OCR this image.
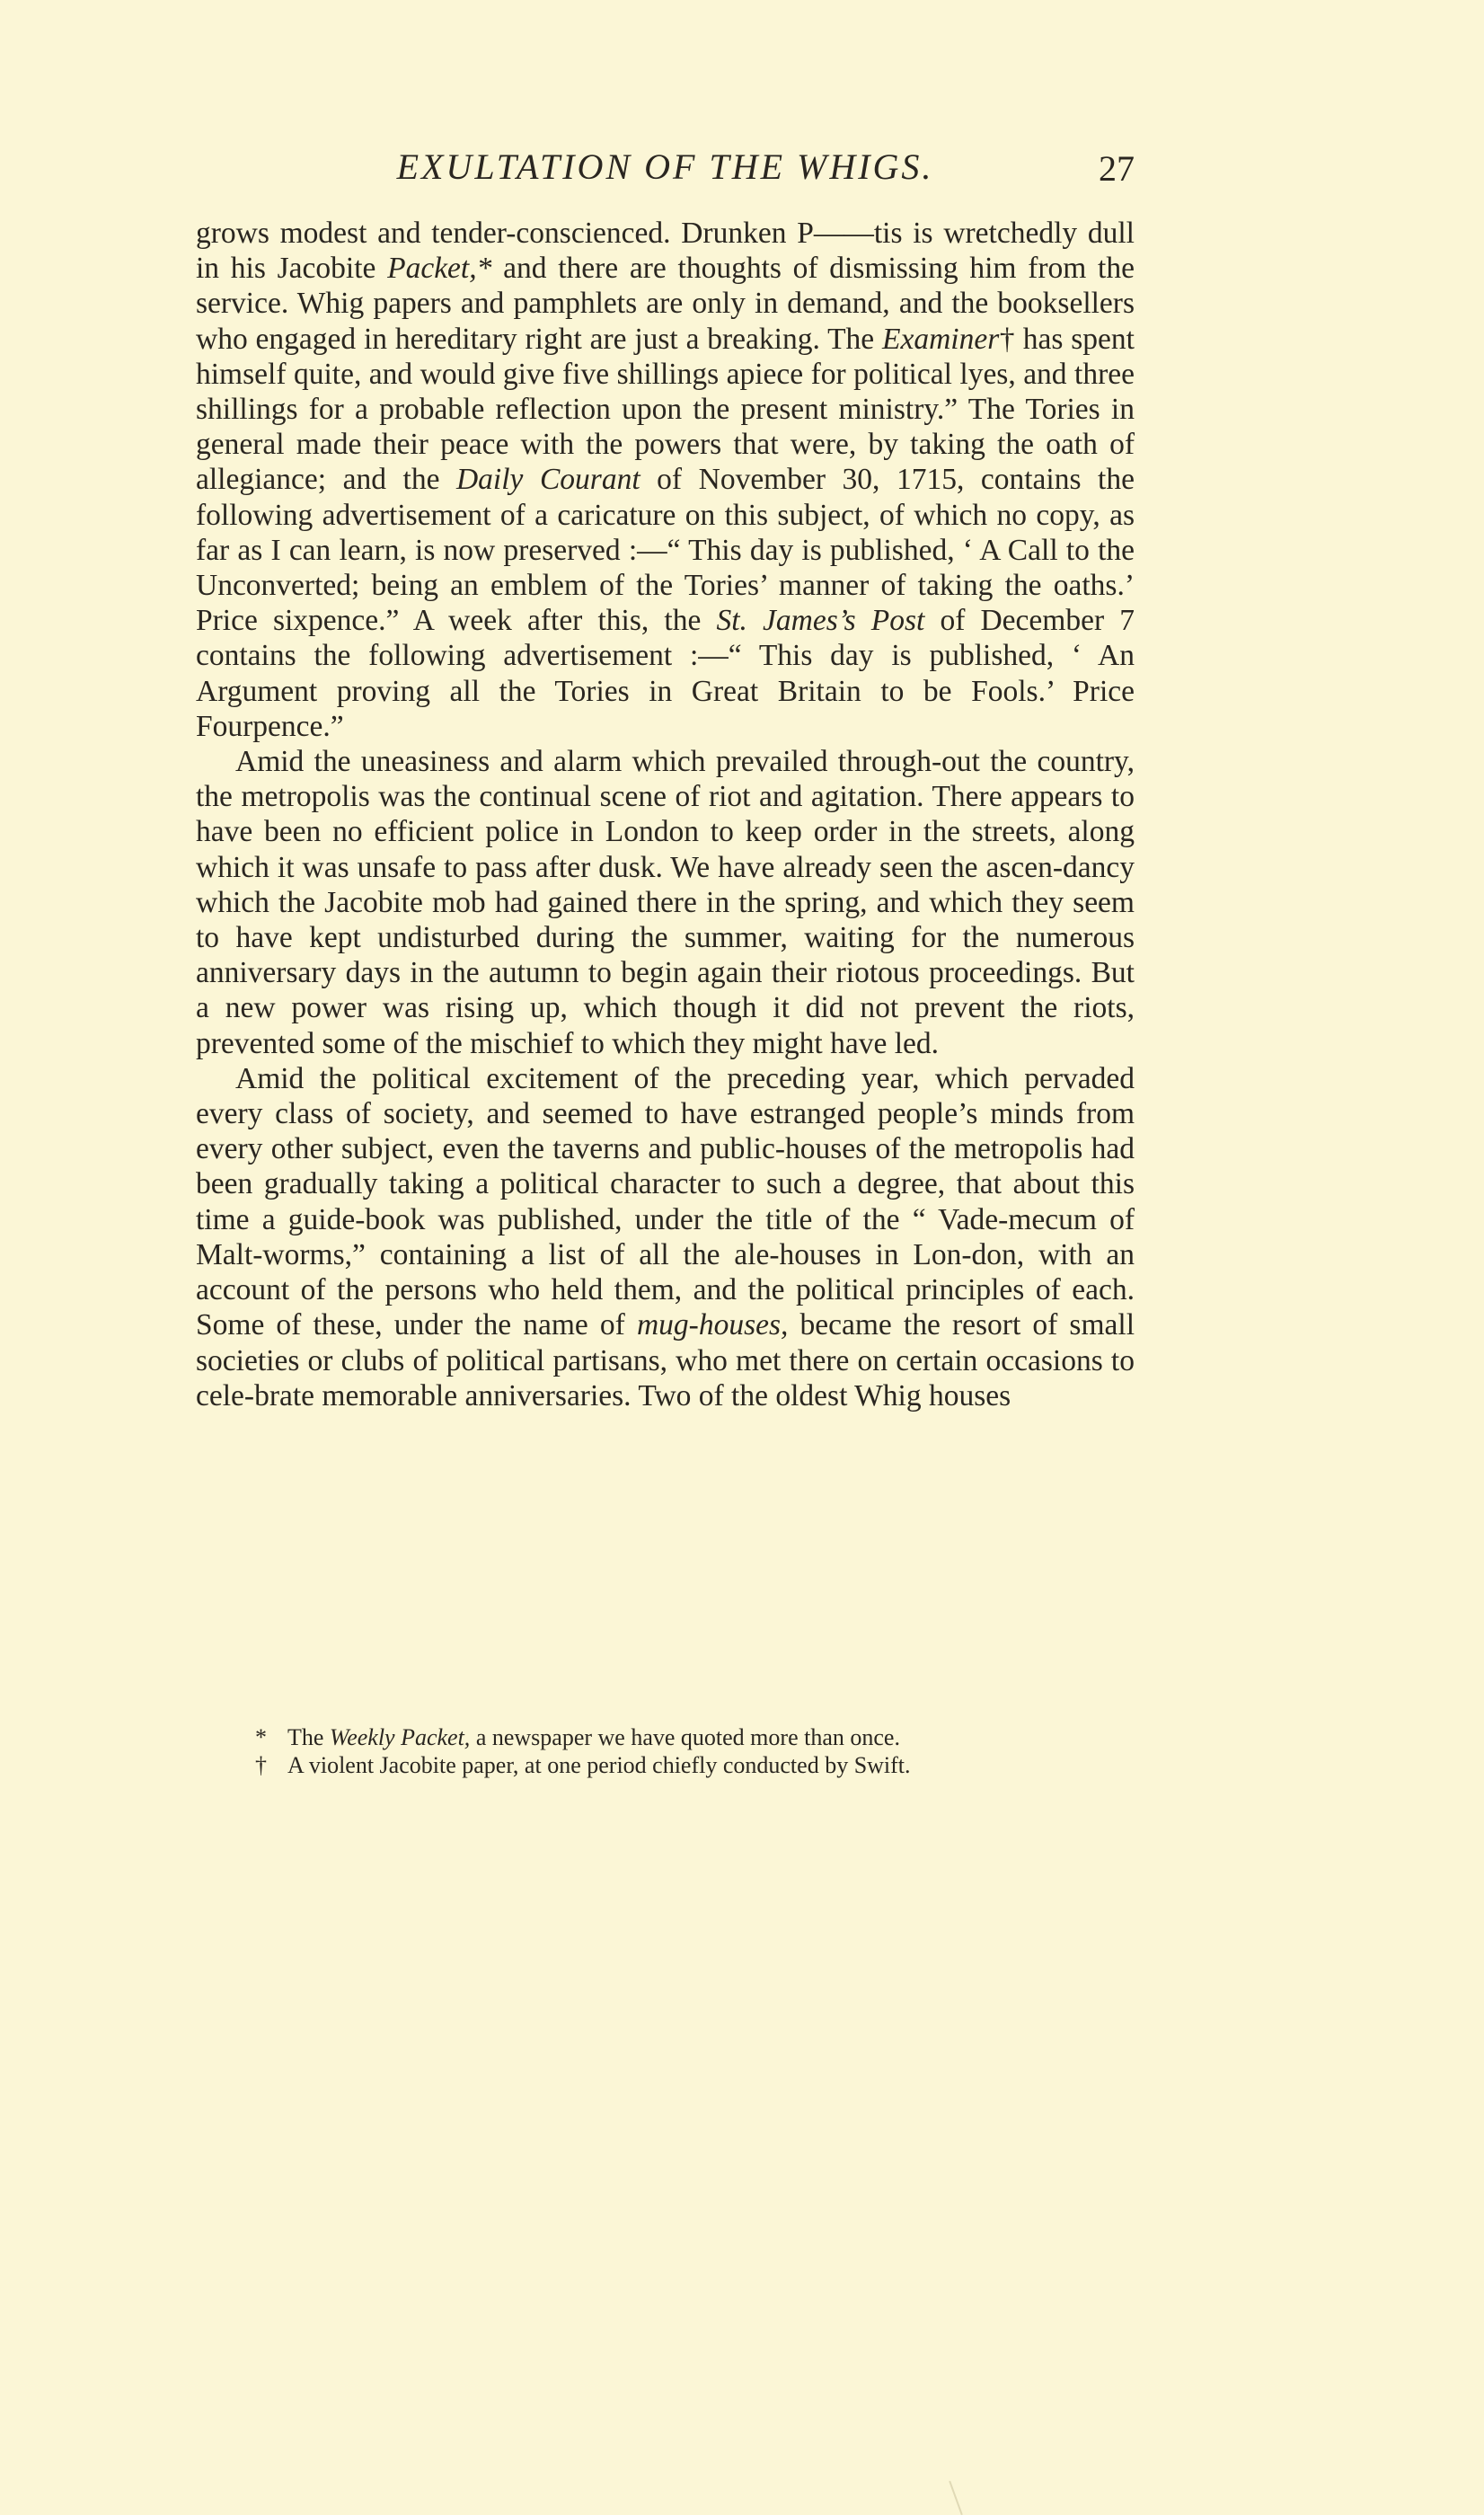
EXULTATION OF THE WHIGS.	27

grows modest and tender-conscienced. Drunken P——tis is wretchedly dull in his Jacobite Packet,* and there are thoughts of dismissing him from the service. Whig papers and pamphlets are only in demand, and the booksellers who engaged in hereditary right are just a breaking. The Examiner† has spent himself quite, and would give five shillings apiece for political lyes, and three shillings for a probable reflection upon the present ministry.” The Tories in general made their peace with the powers that were, by taking the oath of allegiance; and the Daily Courant of November 30, 1715, contains the following advertisement of a caricature on this subject, of which no copy, as far as I can learn, is now preserved :—“ This day is published, ‘ A Call to the Unconverted; being an emblem of the Tories’ manner of taking the oaths.’ Price sixpence.” A week after this, the St. James’s Post of December 7 contains the following advertisement :—“ This day is published, ‘ An Argument proving all the Tories in Great Britain to be Fools.’ Price Fourpence.”

Amid the uneasiness and alarm which prevailed through-out the country, the metropolis was the continual scene of riot and agitation. There appears to have been no efficient police in London to keep order in the streets, along which it was unsafe to pass after dusk. We have already seen the ascen-dancy which the Jacobite mob had gained there in the spring, and which they seem to have kept undisturbed during the summer, waiting for the numerous anniversary days in the autumn to begin again their riotous proceedings. But a new power was rising up, which though it did not prevent the riots, prevented some of the mischief to which they might have led.

Amid the political excitement of the preceding year, which pervaded every class of society, and seemed to have estranged people’s minds from every other subject, even the taverns and public-houses of the metropolis had been gradually taking a political character to such a degree, that about this time a guide-book was published, under the title of the “ Vade-mecum of Malt-worms,” containing a list of all the ale-houses in Lon-don, with an account of the persons who held them, and the political principles of each. Some of these, under the name of mug-houses, became the resort of small societies or clubs of political partisans, who met there on certain occasions to cele-brate memorable anniversaries. Two of the oldest Whig houses

* The Weekly Packet, a newspaper we have quoted more than once.

† A violent Jacobite paper, at one period chiefly conducted by Swift.
